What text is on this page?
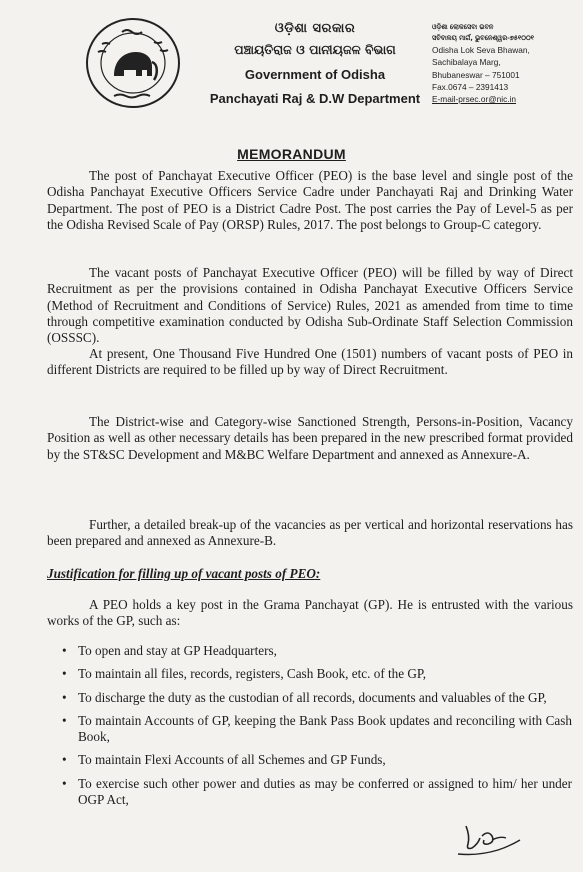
ଓଡ଼ିଶା ସରକାର
ପଞ୍ଚାୟତିରାଜ ଓ ପାନୀୟଜଳ ବିଭାଗ
Government of Odisha
Panchayati Raj & D.W Department
ଓଡ଼ିଶା ଲୋକସେବା ଭବନ
ସଚିବାଳୟ ମାର୍ଗ, ଭୁବନେଶ୍ୱର-୭୫୧୦୦୧
Odisha Lok Seva Bhawan,
Sachibalaya Marg,
Bhubaneswar – 751001
Fax.0674 – 2391413
E-mail-prsec.or@nic.in
MEMORANDUM

The post of Panchayat Executive Officer (PEO) is the base level and single post of the Odisha Panchayat Executive Officers Service Cadre under Panchayati Raj and Drinking Water Department. The post of PEO is a District Cadre Post. The post carries the Pay of Level-5 as per the Odisha Revised Scale of Pay (ORSP) Rules, 2017. The post belongs to Group-C category.

The vacant posts of Panchayat Executive Officer (PEO) will be filled by way of Direct Recruitment as per the provisions contained in Odisha Panchayat Executive Officers Service (Method of Recruitment and Conditions of Service) Rules, 2021 as amended from time to time through competitive examination conducted by Odisha Sub-Ordinate Staff Selection Commission (OSSSC).

At present, One Thousand Five Hundred One (1501) numbers of vacant posts of PEO in different Districts are required to be filled up by way of Direct Recruitment.

The District-wise and Category-wise Sanctioned Strength, Persons-in-Position, Vacancy Position as well as other necessary details has been prepared in the new prescribed format provided by the ST&SC Development and M&BC Welfare Department and annexed as Annexure-A.

Further, a detailed break-up of the vacancies as per vertical and horizontal reservations has been prepared and annexed as Annexure-B.

Justification for filling up of vacant posts of PEO:

A PEO holds a key post in the Grama Panchayat (GP). He is entrusted with the various works of the GP, such as:

• To open and stay at GP Headquarters,
• To maintain all files, records, registers, Cash Book, etc. of the GP,
• To discharge the duty as the custodian of all records, documents and valuables of the GP,
• To maintain Accounts of GP, keeping the Bank Pass Book updates and reconciling with Cash Book,
• To maintain Flexi Accounts of all Schemes and GP Funds,
• To exercise such other power and duties as may be conferred or assigned to him/ her under OGP Act,
